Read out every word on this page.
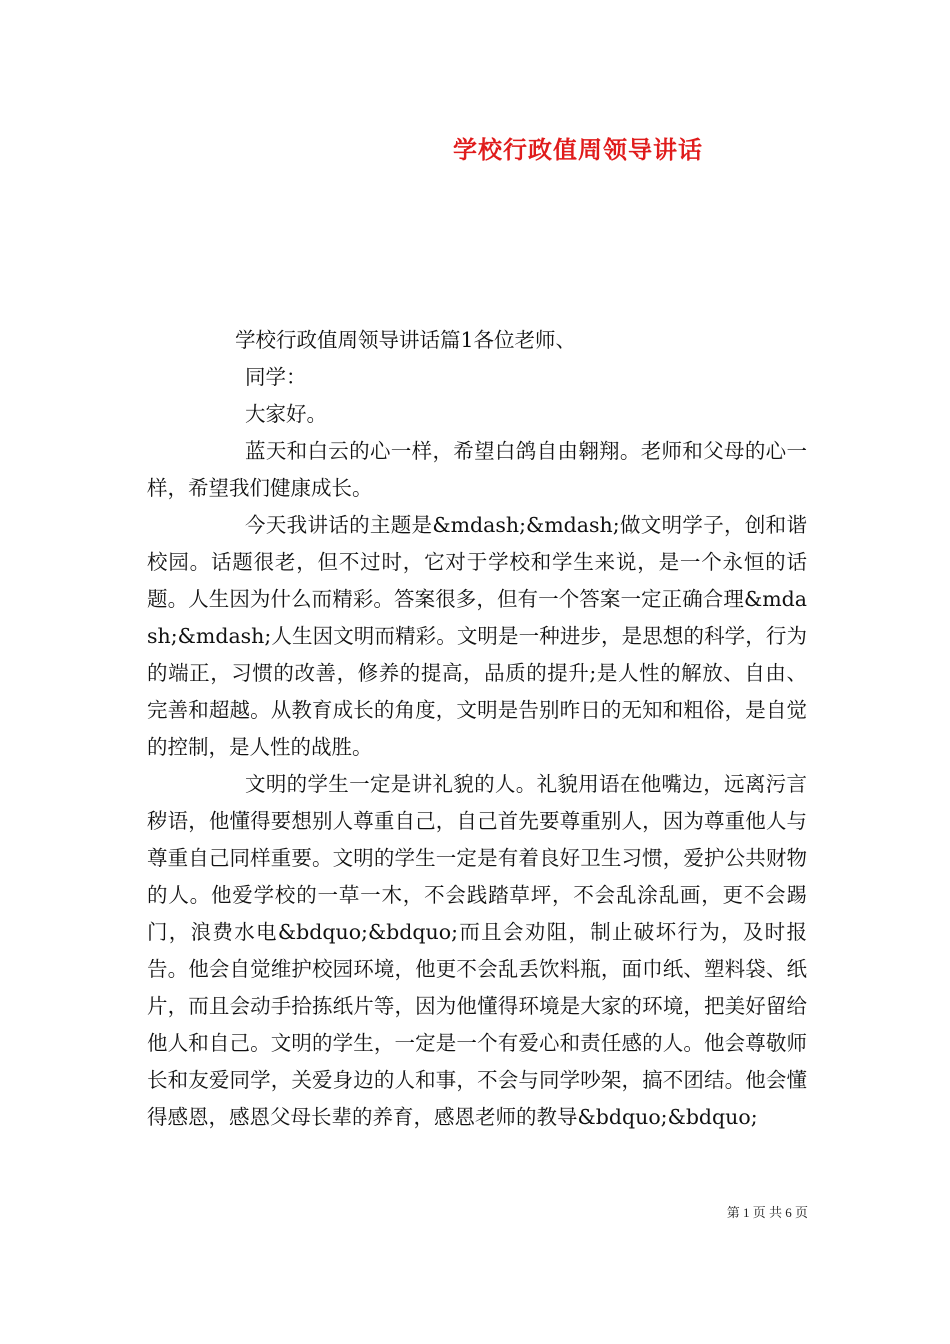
学校行政值周领导讲话

学校行政值周领导讲话篇1各位老师、

同学：

大家好。

蓝天和白云的心一样，希望白鸽自由翱翔。老师和父母的心一样，希望我们健康成长。

今天我讲话的主题是&mdash;&mdash;做文明学子，创和谐校园。话题很老，但不过时，它对于学校和学生来说，是一个永恒的话题。人生因为什么而精彩。答案很多，但有一个答案一定正确合理&mdash;&mdash;人生因文明而精彩。文明是一种进步，是思想的科学，行为的端正，习惯的改善，修养的提高，品质的提升;是人性的解放、自由、完善和超越。从教育成长的角度，文明是告别昨日的无知和粗俗，是自觉的控制，是人性的战胜。

文明的学生一定是讲礼貌的人。礼貌用语在他嘴边，远离污言秽语，他懂得要想别人尊重自己，自己首先要尊重别人，因为尊重他人与尊重自己同样重要。文明的学生一定是有着良好卫生习惯，爱护公共财物的人。他爱学校的一草一木，不会践踏草坪，不会乱涂乱画，更不会踢门，浪费水电&bdquo;&bdquo;而且会劝阻，制止破坏行为，及时报告。他会自觉维护校园环境，他更不会乱丢饮料瓶，面巾纸、塑料袋、纸片，而且会动手拾拣纸片等，因为他懂得环境是大家的环境，把美好留给他人和自己。文明的学生，一定是一个有爱心和责任感的人。他会尊敬师长和友爱同学，关爱身边的人和事，不会与同学吵架，搞不团结。他会懂得感恩，感恩父母长辈的养育，感恩老师的教导&bdquo;&bdquo;

第 1 页 共 6 页
